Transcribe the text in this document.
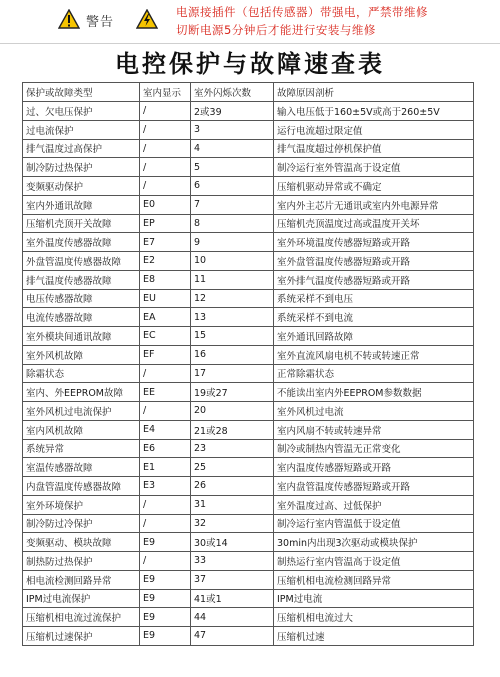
警告
电源接插件（包括传感器）带强电，严禁带维修
切断电源5分钟后才能进行安装与维修
电控保护与故障速查表
保护或故障类型	室内显示	室外闪烁次数	故障原因剖析
过、欠电压保护	/	2或39	输入电压低于160±5V或高于260±5V
过电流保护	/	3	运行电流超过限定值
排气温度过高保护	/	4	排气温度超过停机保护值
制冷防过热保护	/	5	制冷运行室外管温高于设定值
变频驱动保护	/	6	压缩机驱动异常或不确定
室内外通讯故障	E0	7	室内外主芯片无通讯或室内外电源异常
压缩机壳顶开关故障	EP	8	压缩机壳顶温度过高或温度开关坏
室外温度传感器故障	E7	9	室外环境温度传感器短路或开路
外盘管温度传感器故障	E2	10	室外盘管温度传感器短路或开路
排气温度传感器故障	E8	11	室外排气温度传感器短路或开路
电压传感器故障	EU	12	系统采样不到电压
电流传感器故障	EA	13	系统采样不到电流
室外模块间通讯故障	EC	15	室外通讯回路故障
室外风机故障	EF	16	室外直流风扇电机不转或转速正常
除霜状态	/	17	正常除霜状态
室内、外EEPROM故障	EE	19或27	不能读出室内外EEPROM参数数据
室外风机过电流保护	/	20	室外风机过电流
室内风机故障	E4	21或28	室内风扇不转或转速异常
系统异常	E6	23	制冷或制热内管温无正常变化
室温传感器故障	E1	25	室内温度传感器短路或开路
内盘管温度传感器故障	E3	26	室内盘管温度传感器短路或开路
室外环境保护	/	31	室外温度过高、过低保护
制冷防过冷保护	/	32	制冷运行室内管温低于设定值
变频驱动、模块故障	E9	30或14	30min内出现3次驱动或模块保护
制热防过热保护	/	33	制热运行室内管温高于设定值
相电流检测回路异常	E9	37	压缩机相电流检测回路异常
IPM过电流保护	E9	41或1	IPM过电流
压缩机相电流过流保护	E9	44	压缩机相电流过大
压缩机过速保护	E9	47	压缩机过速
